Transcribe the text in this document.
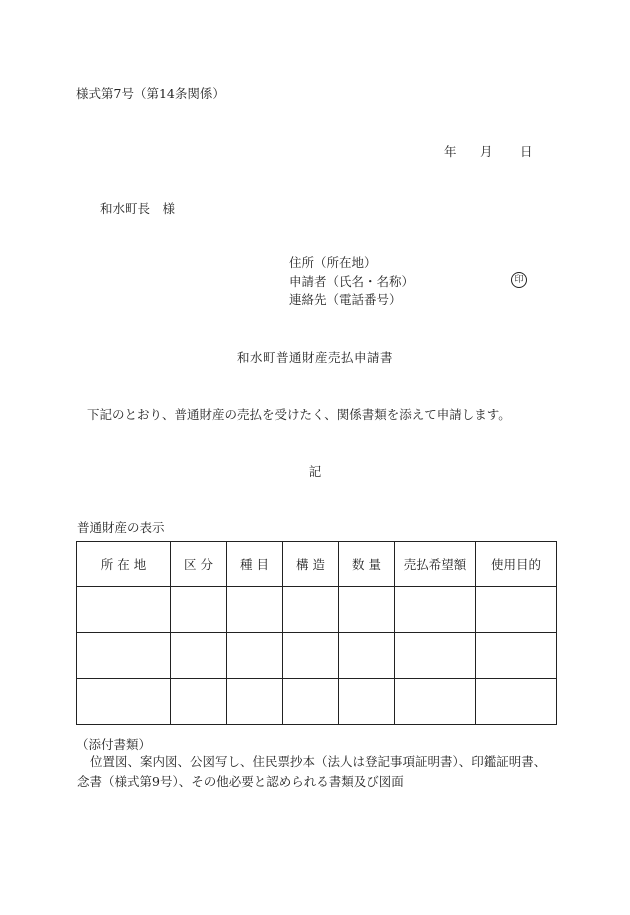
様式第7号（第14条関係）
年 月 日
和水町長　様
住所（所在地）
申請者（氏名・名称）
連絡先（電話番号）
印
和水町普通財産売払申請書
下記のとおり、普通財産の売払を受けたく、関係書類を添えて申請します。
記
普通財産の表示
所 在 地	区 分	種 目	構 造	数 量	売払希望額	使用目的

（添付書類）
位置図、案内図、公図写し、住民票抄本（法人は登記事項証明書）、印鑑証明書、念書（様式第9号）、その他必要と認められる書類及び図面
